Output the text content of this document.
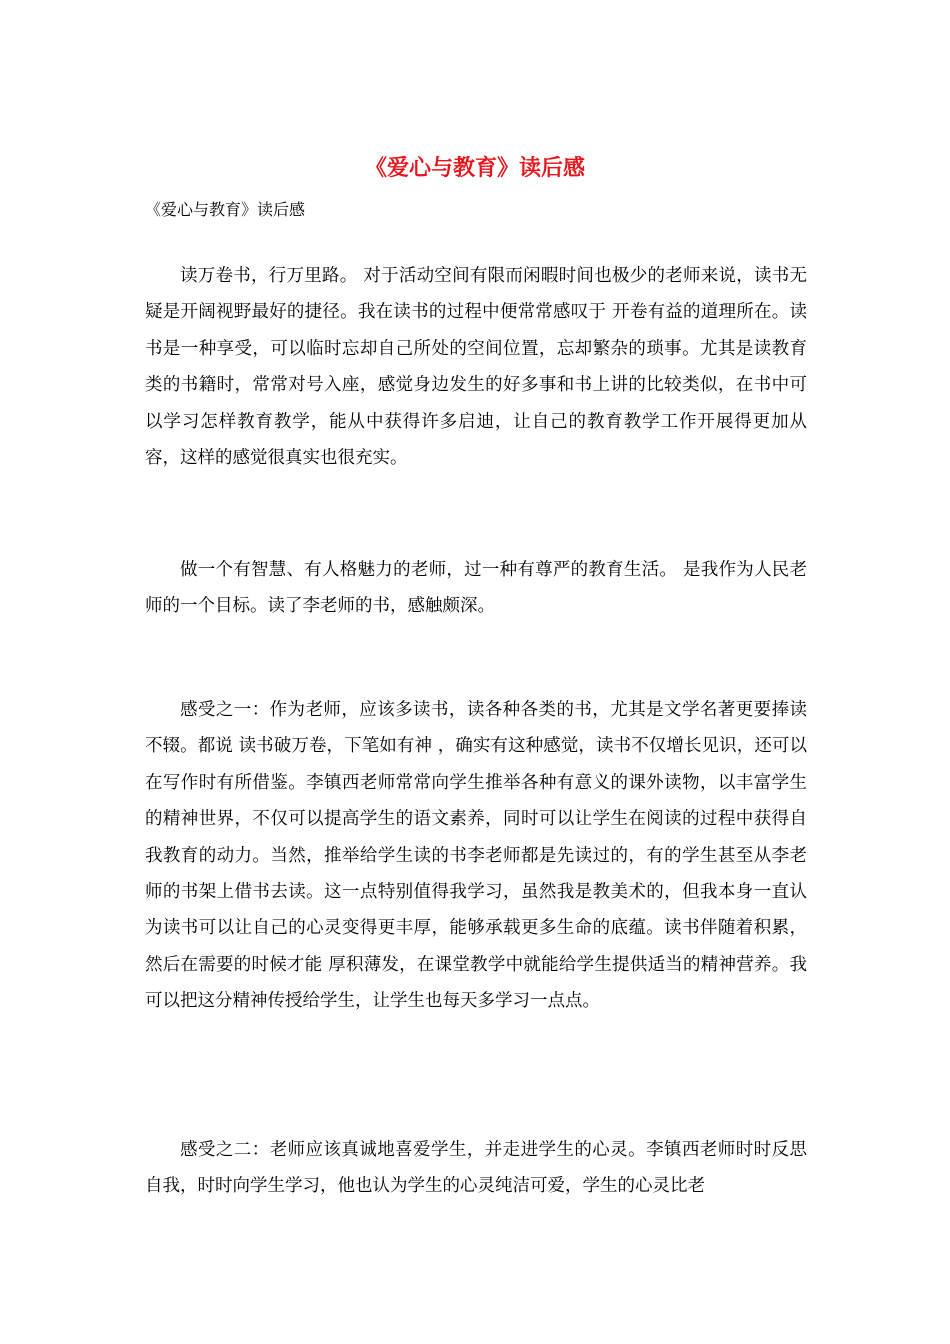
《爱心与教育》读后感

《爱心与教育》读后感

读万卷书，行万里路。 对于活动空间有限而闲暇时间也极少的老师来说，读书无疑是开阔视野最好的捷径。我在读书的过程中便常常感叹于 开卷有益的道理所在。读书是一种享受，可以临时忘却自己所处的空间位置，忘却繁杂的琐事。尤其是读教育类的书籍时，常常对号入座，感觉身边发生的好多事和书上讲的比较类似，在书中可以学习怎样教育教学，能从中获得许多启迪，让自己的教育教学工作开展得更加从容，这样的感觉很真实也很充实。

做一个有智慧、有人格魅力的老师，过一种有尊严的教育生活。 是我作为人民老师的一个目标。读了李老师的书，感触颇深。

感受之一：作为老师，应该多读书，读各种各类的书，尤其是文学名著更要捧读不辍。都说 读书破万卷，下笔如有神 ，确实有这种感觉，读书不仅增长见识，还可以在写作时有所借鉴。李镇西老师常常向学生推举各种有意义的课外读物，以丰富学生的精神世界，不仅可以提高学生的语文素养，同时可以让学生在阅读的过程中获得自我教育的动力。当然，推举给学生读的书李老师都是先读过的，有的学生甚至从李老师的书架上借书去读。这一点特别值得我学习，虽然我是教美术的，但我本身一直认为读书可以让自己的心灵变得更丰厚，能够承载更多生命的底蕴。读书伴随着积累，然后在需要的时候才能 厚积薄发，在课堂教学中就能给学生提供适当的精神营养。我可以把这分精神传授给学生，让学生也每天多学习一点点。

感受之二：老师应该真诚地喜爱学生，并走进学生的心灵。李镇西老师时时反思自我，时时向学生学习，他也认为学生的心灵纯洁可爱，学生的心灵比老
